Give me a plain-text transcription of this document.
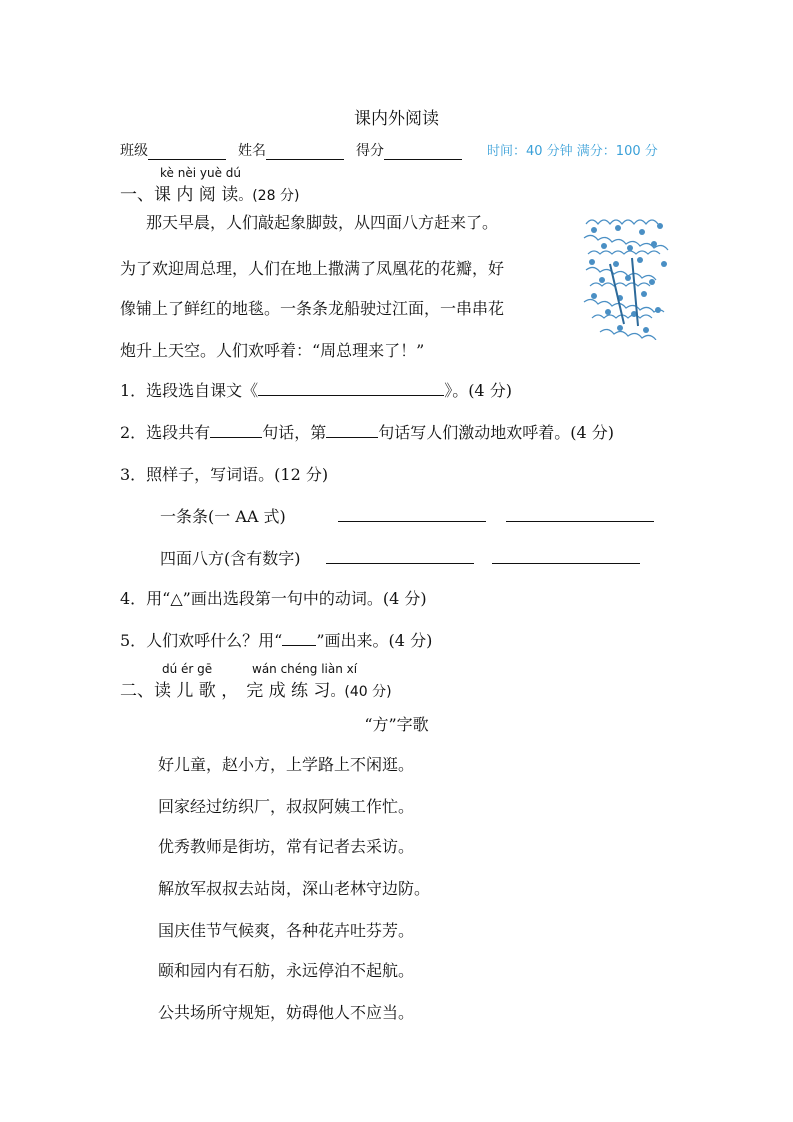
课内外阅读
班级	姓名	得分	时间：40 分钟 满分：100 分
kè nèi yuè dú
一、课 内 阅 读。(28 分)
那天早晨，人们敲起象脚鼓，从四面八方赶来了。
为了欢迎周总理，人们在地上撒满了凤凰花的花瓣，好
像铺上了鲜红的地毯。一条条龙船驶过江面，一串串花
炮升上天空。人们欢呼着：“周总理来了！”
1．选段选自课文《	》。(4 分)
2．选段共有	句话，第	句话写人们激动地欢呼着。(4 分)
3．照样子，写词语。(12 分)
一条条(一 AA 式)
四面八方(含有数字)
4．用“△”画出选段第一句中的动词。(4 分)
5．人们欢呼什么？用“ ”画出来。(4 分)
dú ér gē	wán chéng liàn xí
二、读 儿 歌 ， 完 成 练 习。(40 分)
“方”字歌
好儿童，赵小方，上学路上不闲逛。
回家经过纺织厂，叔叔阿姨工作忙。
优秀教师是街坊，常有记者去采访。
解放军叔叔去站岗，深山老林守边防。
国庆佳节气候爽，各种花卉吐芬芳。
颐和园内有石舫，永远停泊不起航。
公共场所守规矩，妨碍他人不应当。
